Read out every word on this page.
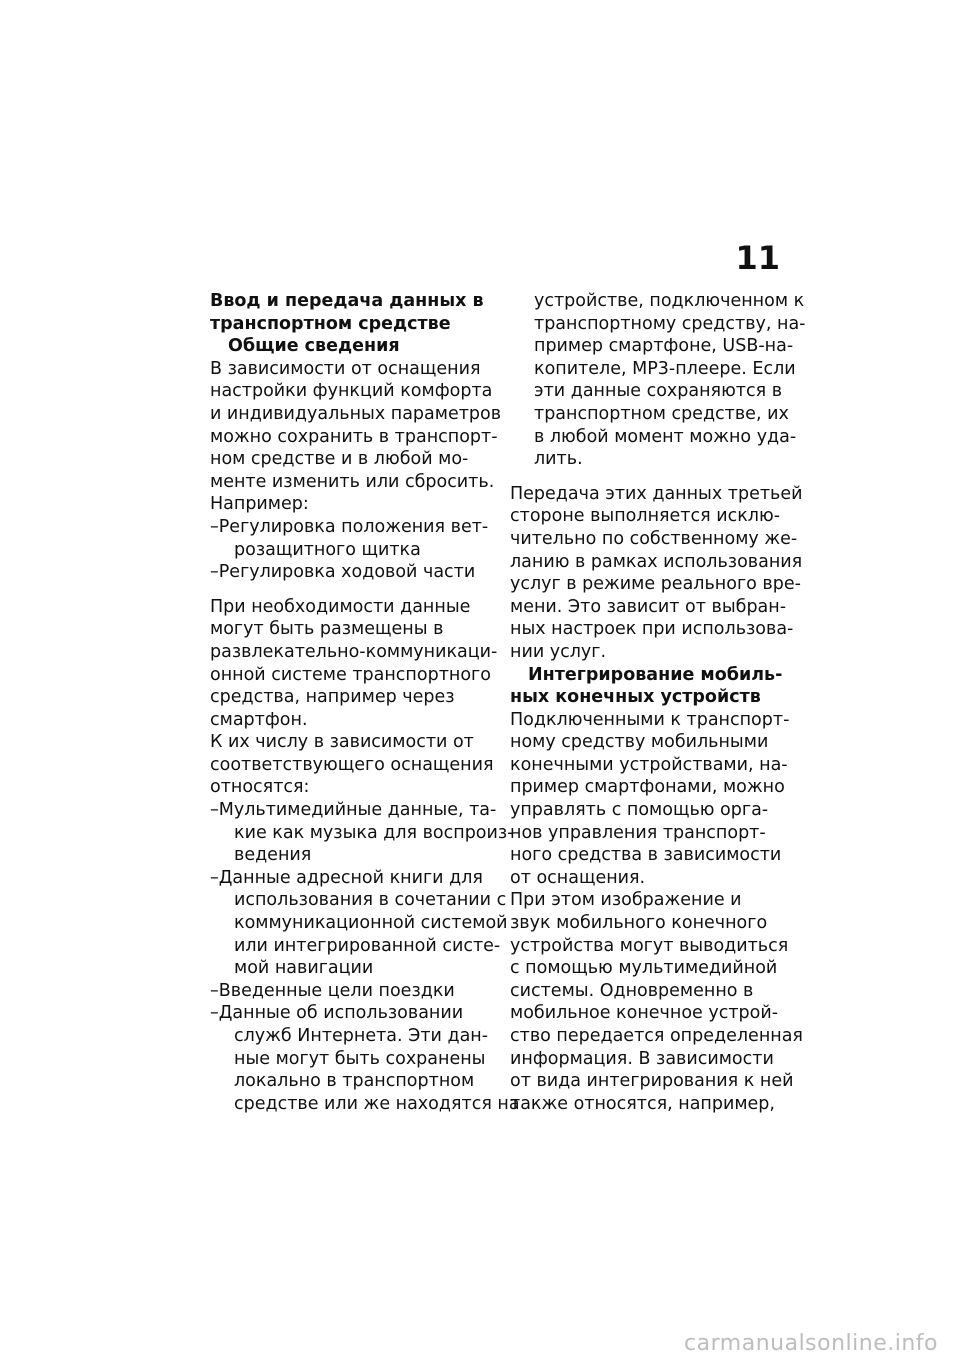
11
Ввод и передача данных в
транспортном средстве
Общие сведения
В зависимости от оснащения
настройки функций комфорта
и индивидуальных параметров
можно сохранить в транспорт-
ном средстве и в любой мо-
менте изменить или сбросить.
Например:
–Регулировка положения вет-
розащитного щитка
–Регулировка ходовой части
При необходимости данные
могут быть размещены в
развлекательно-коммуникаци-
онной системе транспортного
средства, например через
смартфон.
К их числу в зависимости от
соответствующего оснащения
относятся:
–Мультимедийные данные, та-
кие как музыка для воспроиз-
ведения
–Данные адресной книги для
использования в сочетании с
коммуникационной системой
или интегрированной систе-
мой навигации
–Введенные цели поездки
–Данные об использовании
служб Интернета. Эти дан-
ные могут быть сохранены
локально в транспортном
средстве или же находятся на
устройстве, подключенном к
транспортному средству, на-
пример смартфоне, USB-на-
копителе, MP3-плеере. Если
эти данные сохраняются в
транспортном средстве, их
в любой момент можно уда-
лить.
Передача этих данных третьей
стороне выполняется исклю-
чительно по собственному же-
ланию в рамках использования
услуг в режиме реального вре-
мени. Это зависит от выбран-
ных настроек при использова-
нии услуг.
Интегрирование мобиль-
ных конечных устройств
Подключенными к транспорт-
ному средству мобильными
конечными устройствами, на-
пример смартфонами, можно
управлять с помощью орга-
нов управления транспорт-
ного средства в зависимости
от оснащения.
При этом изображение и
звук мобильного конечного
устройства могут выводиться
с помощью мультимедийной
системы. Одновременно в
мобильное конечное устрой-
ство передается определенная
информация. В зависимости
от вида интегрирования к ней
также относятся, например,
carmanualsonline.info
